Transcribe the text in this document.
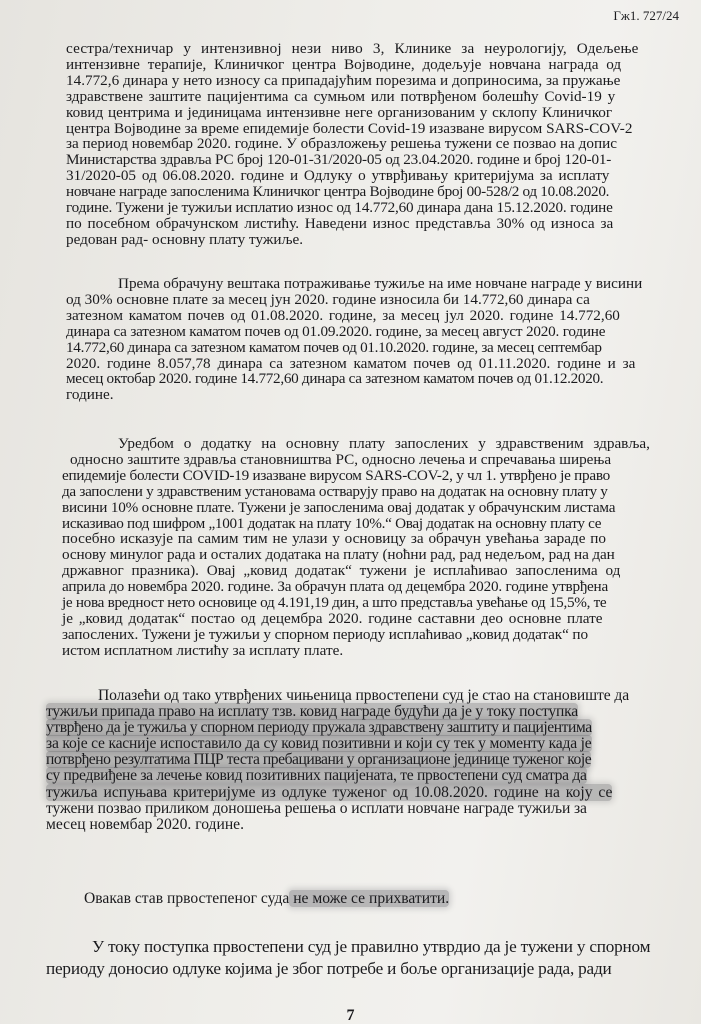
Гж1. 727/24
сестра/техничар у интензивној нези ниво 3, Клинике за неурологију, Одељење
интензивне терапије, Клиничког центра Војводине, додељује новчана награда од
14.772,6 динара у нето износу са припадајућим порезима и доприносима, за пружање
здравствене заштите пацијентима са сумњом или потврђеном болешћу Covid-19 у
ковид центрима и јединицама интензивне неге организованим у склопу Клиничког
центра Војводине за време епидемије болести Covid-19 изазване вирусом SARS-COV-2
за период новембар 2020. године. У образложењу решења тужени се позвао на допис
Министарства здравља РС број 120-01-31/2020-05 од 23.04.2020. године и број 120-01-
31/2020-05 од 06.08.2020. године и Одлуку о утврђивању критеријума за исплату
новчане награде запосленима Клиничког центра Војводине број 00-528/2 од 10.08.2020.
године. Тужени је тужиљи исплатио износ од 14.772,60 динара дана 15.12.2020. године
по посебном обрачунском листићу. Наведени износ представља 30% од износа за
редован рад- основну плату тужиље.
Према обрачуну вештака потраживање тужиље на име новчане награде у висини
од 30% основне плате за месец јун 2020. године износила би 14.772,60 динара са
затезном каматом почев од 01.08.2020. године, за месец јул 2020. године 14.772,60
динара са затезном каматом почев од 01.09.2020. године, за месец август 2020. године
14.772,60 динара са затезном каматом почев од 01.10.2020. године, за месец септембар
2020. године 8.057,78 динара са затезном каматом почев од 01.11.2020. године и за
месец октобар 2020. године 14.772,60 динара са затезном каматом почев од 01.12.2020.
године.
Уредбом о додатку на основну плату запослених у здравственим здравља,
односно заштите здравља становништва РС, односно лечења и спречавања ширења
епидемије болести COVID-19 изазване вирусом SARS-COV-2, у чл 1. утврђено је право
да запослени у здравственим установама остварују право на додатак на основну плату у
висини 10% основне плате. Тужени је запосленима овај додатак у обрачунским листама
исказивао под шифром „1001 додатак на плату 10%.“ Овај додатак на основну плату се
посебно исказује па самим тим не улази у основицу за обрачун увећања зараде по
основу минулог рада и осталих додатака на плату (ноћни рад, рад недељом, рад на дан
државног празника). Овај „ковид додатак“ тужени је исплаћивао запосленима од
априла до новембра 2020. године. За обрачун плата од децембра 2020. године утврђена
је нова вредност нето основице од 4.191,19 дин, а што представља увећање од 15,5%, те
је „ковид додатак“ постао од децембра 2020. године саставни део основне плате
запослених. Тужени је тужиљи у спорном периоду исплаћивао „ковид додатак“ по
истом исплатном листићу за исплату плате.
Полазећи од тако утврђених чињеница првостепени суд је стао на становиште да
тужиљи припада право на исплату тзв. ковид награде будући да је у току поступка
утврђено да је тужиља у спорном периоду пружала здравствену заштиту и пацијентима
за које се касније испоставило да су ковид позитивни и који су тек у моменту када је
потврђено резултатима ПЦР теста пребацивани у организационе јединице туженог које
су предвиђене за лечење ковид позитивних пацијената, те првостепени суд сматра да
тужиља испуњава критеријуме из одлуке туженог од 10.08.2020. године на коју се
тужени позвао приликом доношења решења о исплати новчане награде тужиљи за
месец новембар 2020. године.
Овакав став првостепеног суда не може се прихватити.
У току поступка првостепени суд је правилно утврдио да је тужени у спорном
периоду доносио одлуке којима је због потребе и боље организације рада, ради
7
